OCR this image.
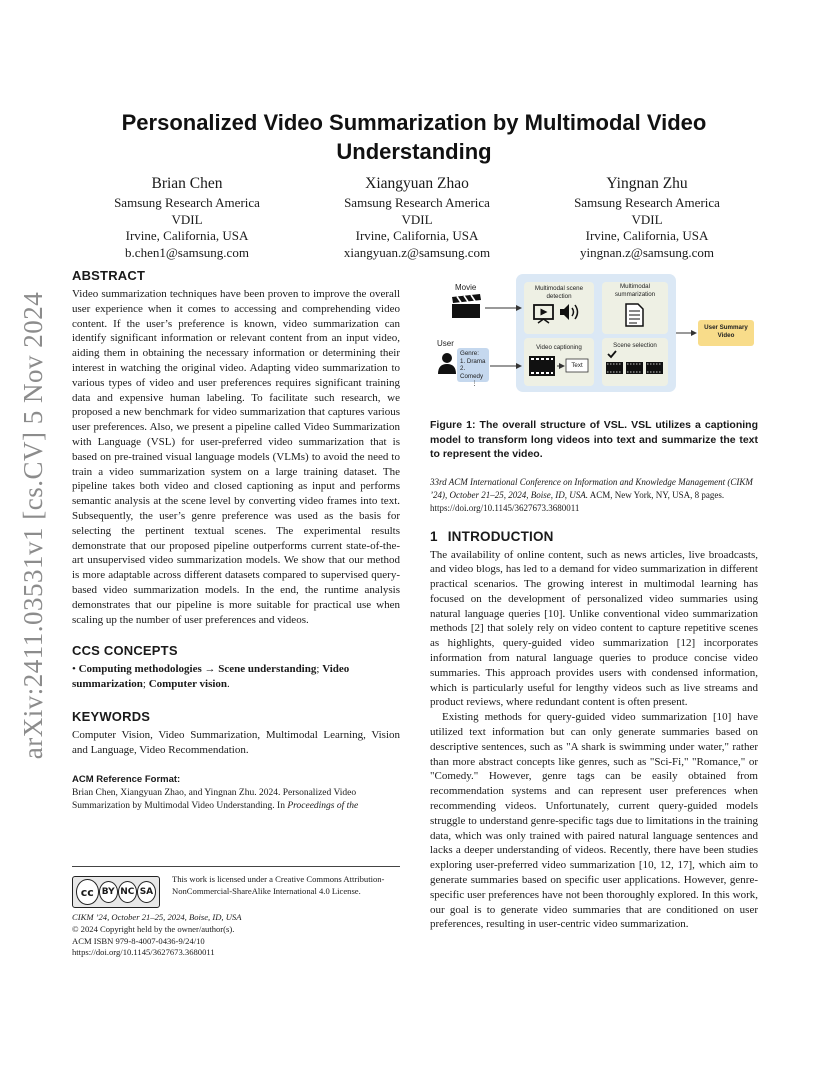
arXiv:2411.03531v1 [cs.CV] 5 Nov 2024
Personalized Video Summarization by Multimodal Video Understanding
Brian Chen
Samsung Research America
VDIL
Irvine, California, USA
b.chen1@samsung.com
Xiangyuan Zhao
Samsung Research America
VDIL
Irvine, California, USA
xiangyuan.z@samsung.com
Yingnan Zhu
Samsung Research America
VDIL
Irvine, California, USA
yingnan.z@samsung.com
ABSTRACT

Video summarization techniques have been proven to improve the overall user experience when it comes to accessing and comprehending video content. If the user’s preference is known, video summarization can identify significant information or relevant content from an input video, aiding them in obtaining the necessary information or determining their interest in watching the original video. Adapting video summarization to various types of video and user preferences requires significant training data and expensive human labeling. To facilitate such research, we proposed a new benchmark for video summarization that captures various user preferences. Also, we present a pipeline called Video Summarization with Language (VSL) for user-preferred video summarization that is based on pre-trained visual language models (VLMs) to avoid the need to train a video summarization system on a large training dataset. The pipeline takes both video and closed captioning as input and performs semantic analysis at the scene level by converting video frames into text. Subsequently, the user’s genre preference was used as the basis for selecting the pertinent textual scenes. The experimental results demonstrate that our proposed pipeline outperforms current state-of-the-art unsupervised video summarization models. We show that our method is more adaptable across different datasets compared to supervised query-based video summarization models. In the end, the runtime analysis demonstrates that our pipeline is more suitable for practical use when scaling up the number of user preferences and videos.

CCS CONCEPTS

• Computing methodologies → Scene understanding; Video summarization; Computer vision.

KEYWORDS

Computer Vision, Video Summarization, Multimodal Learning, Vision and Language, Video Recommendation.

ACM Reference Format:
Brian Chen, Xiangyuan Zhao, and Yingnan Zhu. 2024. Personalized Video Summarization by Multimodal Video Understanding. In Proceedings of the
cc BY NC SA
This work is licensed under a Creative Commons Attribution-NonCommercial-ShareAlike International 4.0 License.
CIKM ’24, October 21–25, 2024, Boise, ID, USA
© 2024 Copyright held by the owner/author(s).
ACM ISBN 979-8-4007-0436-9/24/10
https://doi.org/10.1145/3627673.3680011
Movie
User
Genre:
1. Drama
2. Comedy
⋮
Multimodal scene
detection
Multimodal
summarization
Video captioning	Scene selection
Text
User Summary
Video

Figure 1: The overall structure of VSL. VSL utilizes a captioning model to transform long videos into text and summarize the text to represent the video.

33rd ACM International Conference on Information and Knowledge Management (CIKM ’24), October 21–25, 2024, Boise, ID, USA. ACM, New York, NY, USA, 8 pages. https://doi.org/10.1145/3627673.3680011

1 INTRODUCTION

The availability of online content, such as news articles, live broadcasts, and video blogs, has led to a demand for video summarization in different practical scenarios. The growing interest in multimodal learning has focused on the development of personalized video summaries using natural language queries [10]. Unlike conventional video summarization methods [2] that solely rely on video content to capture repetitive scenes as highlights, query-guided video summarization [12] incorporates information from natural language queries to produce concise video summaries. This approach provides users with condensed information, which is particularly useful for lengthy videos such as live streams and product reviews, where redundant content is often present.

Existing methods for query-guided video summarization [10] have utilized text information but can only generate summaries based on descriptive sentences, such as "A shark is swimming under water," rather than more abstract concepts like genres, such as "Sci-Fi," "Romance," or "Comedy." However, genre tags can be easily obtained from recommendation systems and can represent user preferences when recommending videos. Unfortunately, current query-guided models struggle to understand genre-specific tags due to limitations in the training data, which was only trained with paired natural language sentences and lacks a deeper understanding of videos. Recently, there have been studies exploring user-preferred video summarization [10, 12, 17], which aim to generate summaries based on specific user applications. However, genre-specific user preferences have not been thoroughly explored. In this work, our goal is to generate video summaries that are conditioned on user preferences, resulting in user-centric video summarization.
